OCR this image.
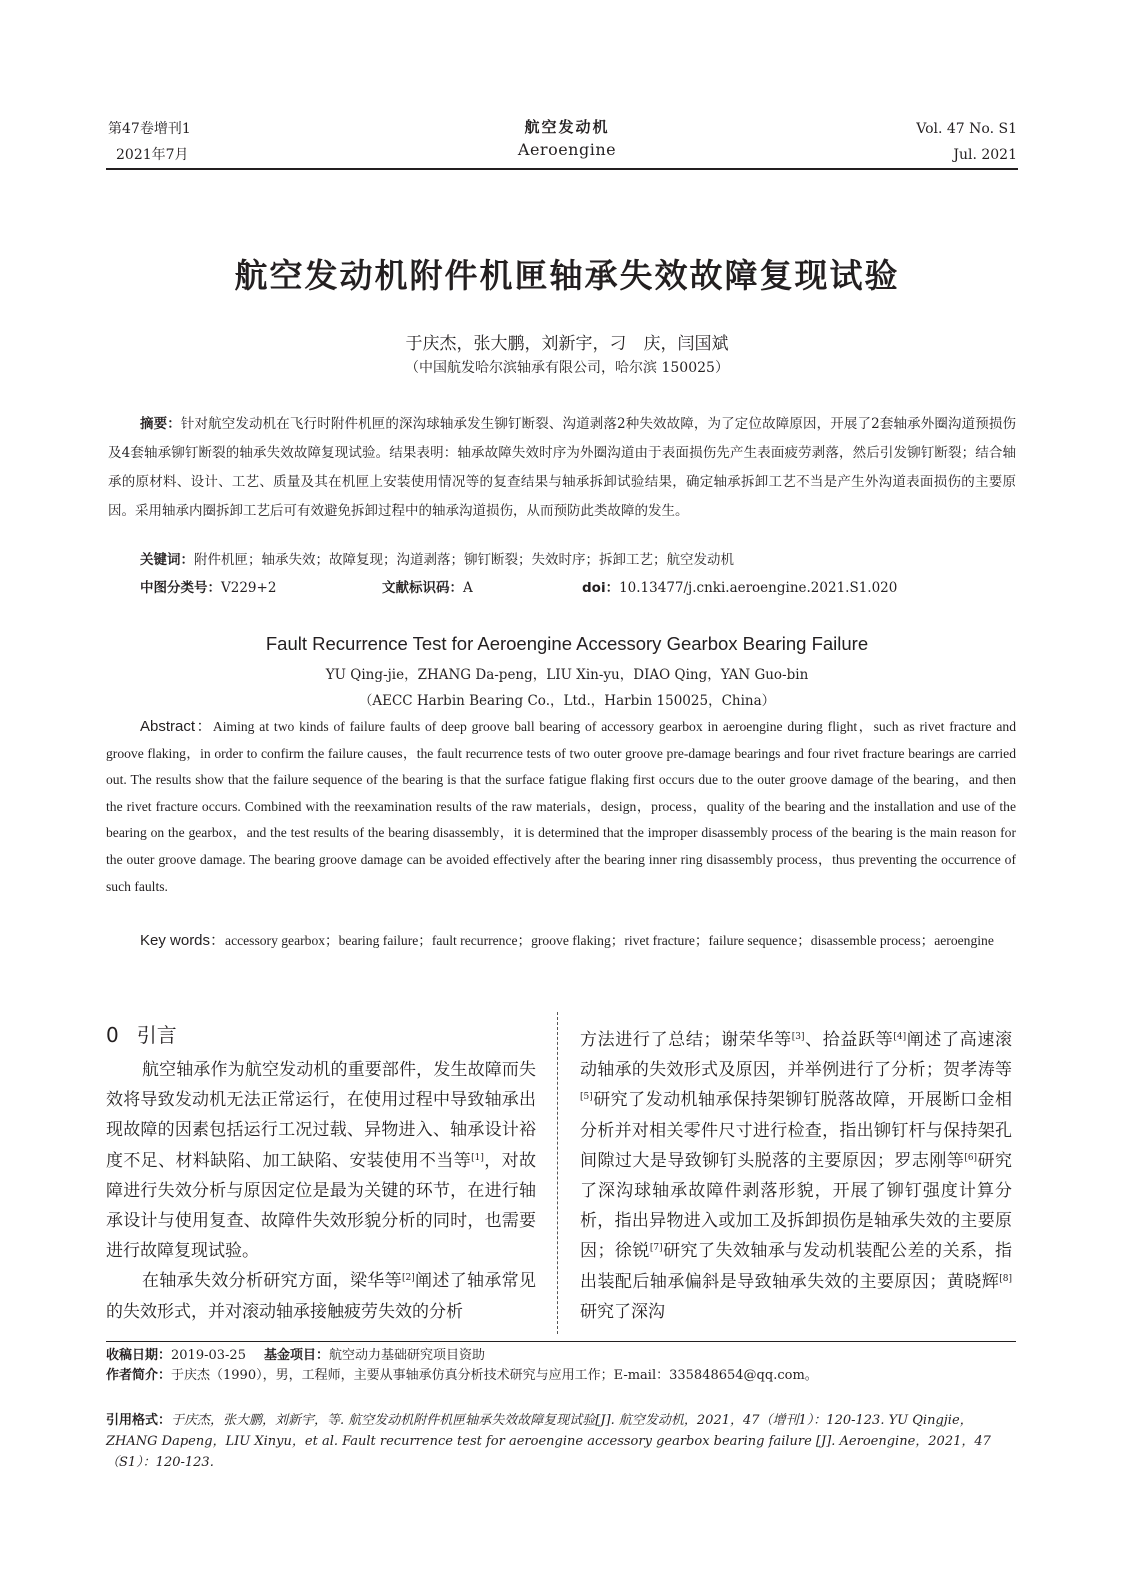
第47卷增刊1
2021年7月
航空发动机
Aeroengine
Vol. 47 No. S1
Jul. 2021
航空发动机附件机匣轴承失效故障复现试验
于庆杰，张大鹏，刘新宇，刁　庆，闫国斌
（中国航发哈尔滨轴承有限公司，哈尔滨 150025）
摘要：针对航空发动机在飞行时附件机匣的深沟球轴承发生铆钉断裂、沟道剥落2种失效故障，为了定位故障原因，开展了2套轴承外圈沟道预损伤及4套轴承铆钉断裂的轴承失效故障复现试验。结果表明：轴承故障失效时序为外圈沟道由于表面损伤先产生表面疲劳剥落，然后引发铆钉断裂；结合轴承的原材料、设计、工艺、质量及其在机匣上安装使用情况等的复查结果与轴承拆卸试验结果，确定轴承拆卸工艺不当是产生外沟道表面损伤的主要原因。采用轴承内圈拆卸工艺后可有效避免拆卸过程中的轴承沟道损伤，从而预防此类故障的发生。
关键词：附件机匣；轴承失效；故障复现；沟道剥落；铆钉断裂；失效时序；拆卸工艺；航空发动机
中图分类号：V229+2	文献标识码：A	doi：10.13477/j.cnki.aeroengine.2021.S1.020
Fault Recurrence Test for Aeroengine Accessory Gearbox Bearing Failure
YU Qing-jie，ZHANG Da-peng，LIU Xin-yu，DIAO Qing，YAN Guo-bin
（AECC Harbin Bearing Co.，Ltd.，Harbin 150025，China）
Abstract：Aiming at two kinds of failure faults of deep groove ball bearing of accessory gearbox in aeroengine during flight，such as rivet fracture and groove flaking，in order to confirm the failure causes，the fault recurrence tests of two outer groove pre-damage bearings and four rivet fracture bearings are carried out. The results show that the failure sequence of the bearing is that the surface fatigue flaking first occurs due to the outer groove damage of the bearing，and then the rivet fracture occurs. Combined with the reexamination results of the raw materials，design，process，quality of the bearing and the installation and use of the bearing on the gearbox，and the test results of the bearing disassembly，it is determined that the improper disassembly process of the bearing is the main reason for the outer groove damage. The bearing groove damage can be avoided effectively after the bearing inner ring disassembly process，thus preventing the occurrence of such faults.
Key words：accessory gearbox；bearing failure；fault recurrence；groove flaking；rivet fracture；failure sequence；disassemble process；aeroengine
0 引言

航空轴承作为航空发动机的重要部件，发生故障而失效将导致发动机无法正常运行，在使用过程中导致轴承出现故障的因素包括运行工况过载、异物进入、轴承设计裕度不足、材料缺陷、加工缺陷、安装使用不当等[1]，对故障进行失效分析与原因定位是最为关键的环节，在进行轴承设计与使用复查、故障件失效形貌分析的同时，也需要进行故障复现试验。

在轴承失效分析研究方面，梁华等[2]阐述了轴承常见的失效形式，并对滚动轴承接触疲劳失效的分析

方法进行了总结；谢荣华等[3]、拾益跃等[4]阐述了高速滚动轴承的失效形式及原因，并举例进行了分析；贺孝涛等[5]研究了发动机轴承保持架铆钉脱落故障，开展断口金相分析并对相关零件尺寸进行检查，指出铆钉杆与保持架孔间隙过大是导致铆钉头脱落的主要原因；罗志刚等[6]研究了深沟球轴承故障件剥落形貌，开展了铆钉强度计算分析，指出异物进入或加工及拆卸损伤是轴承失效的主要原因；徐锐[7]研究了失效轴承与发动机装配公差的关系，指出装配后轴承偏斜是导致轴承失效的主要原因；黄晓辉[8]研究了深沟

收稿日期：2019-03-25 基金项目：航空动力基础研究项目资助
作者简介：于庆杰（1990），男，工程师，主要从事轴承仿真分析技术研究与应用工作；E-mail：335848654@qq.com。
引用格式：于庆杰，张大鹏，刘新宇，等. 航空发动机附件机匣轴承失效故障复现试验[J]. 航空发动机，2021，47（增刊1）：120-123. YU Qingjie，ZHANG Dapeng，LIU Xinyu，et al. Fault recurrence test for aeroengine accessory gearbox bearing failure [J]. Aeroengine，2021，47（S1）：120-123.
